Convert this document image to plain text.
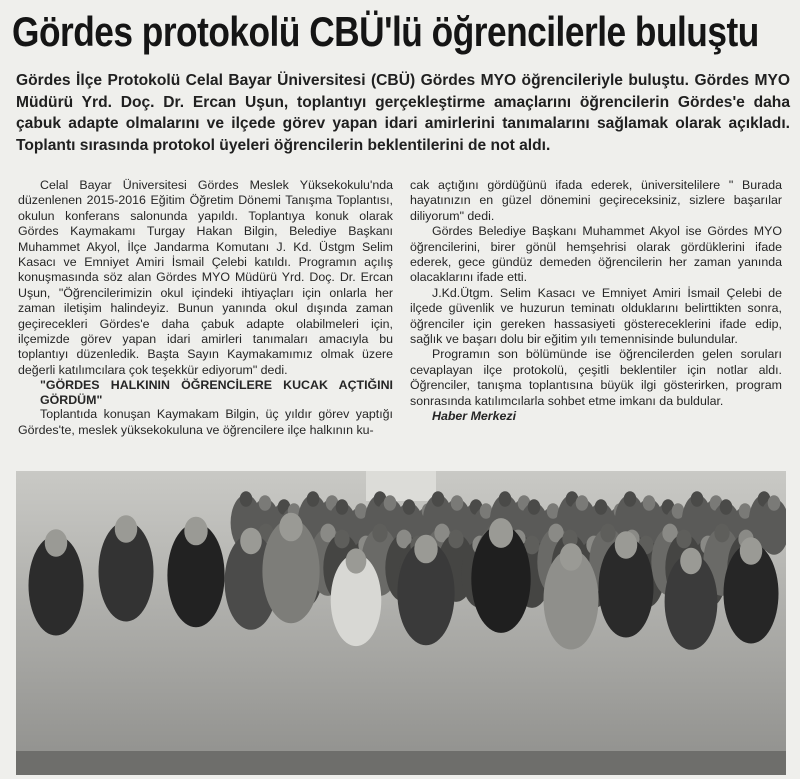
Gördes protokolü CBÜ'lü öğrencilerle buluştu
Gördes İlçe Protokolü Celal Bayar Üniversitesi (CBÜ) Gördes MYO öğrencileriyle buluştu. Gördes MYO Müdürü Yrd. Doç. Dr. Ercan Uşun, toplantıyı gerçekleştirme amaçlarını öğrencilerin Gördes'e daha çabuk adapte olmalarını ve ilçede görev yapan idari amirlerini tanımalarını sağlamak olarak açıkladı. Toplantı sırasında protokol üyeleri öğrencilerin beklentilerini de not aldı.

Celal Bayar Üniversitesi Gördes Meslek Yüksekokulu'nda düzenlenen 2015-2016 Eğitim Öğretim Dönemi Tanışma Toplantısı, okulun konferans salonunda yapıldı. Toplantıya konuk olarak Gördes Kaymakamı Turgay Hakan Bilgin, Belediye Başkanı Muhammet Akyol, İlçe Jandarma Komutanı J. Kd. Üstgm Selim Kasacı ve Emniyet Amiri İsmail Çelebi katıldı. Programın açılış konuşmasında söz alan Gördes MYO Müdürü Yrd. Doç. Dr. Ercan Uşun, "Öğrencilerimizin okul içindeki ihtiyaçları için onlarla her zaman iletişim halindeyiz. Bunun yanında okul dışında zaman geçirecekleri Gördes'e daha çabuk adapte olabilmeleri için, ilçemizde görev yapan idari amirleri tanımaları amacıyla bu toplantıyı düzenledik. Başta Sayın Kaymakamımız olmak üzere değerli katılımcılara çok teşekkür ediyorum" dedi.

"GÖRDES HALKININ ÖĞRENCİLERE KUCAK AÇTIĞINI GÖRDÜM"

Toplantıda konuşan Kaymakam Bilgin, üç yıldır görev yaptığı Gördes'te, meslek yüksekokuluna ve öğrencilere ilçe halkının ku-

cak açtığını gördüğünü ifada ederek, üniversitelilere " Burada hayatınızın en güzel dönemini geçireceksiniz, sizlere başarılar diliyorum" dedi.

Gördes Belediye Başkanı Muhammet Akyol ise Gördes MYO öğrencilerini, birer gönül hemşehrisi olarak gördüklerini ifade ederek, gece gündüz demeden öğrencilerin her zaman yanında olacaklarını ifade etti.

J.Kd.Ütgm. Selim Kasacı ve Emniyet Amiri İsmail Çelebi de ilçede güvenlik ve huzurun teminatı olduklarını belirttikten sonra, öğrenciler için gereken hassasiyeti göstereceklerini ifade edip, sağlık ve başarı dolu bir eğitim yılı temennisinde bulundular.

Programın son bölümünde ise öğrencilerden gelen soruları cevaplayan ilçe protokolü, çeşitli beklentiler için notlar aldı. Öğrenciler, tanışma toplantısına büyük ilgi gösterirken, program sonrasında katılımcılarla sohbet etme imkanı da buldular.

Haber Merkezi
